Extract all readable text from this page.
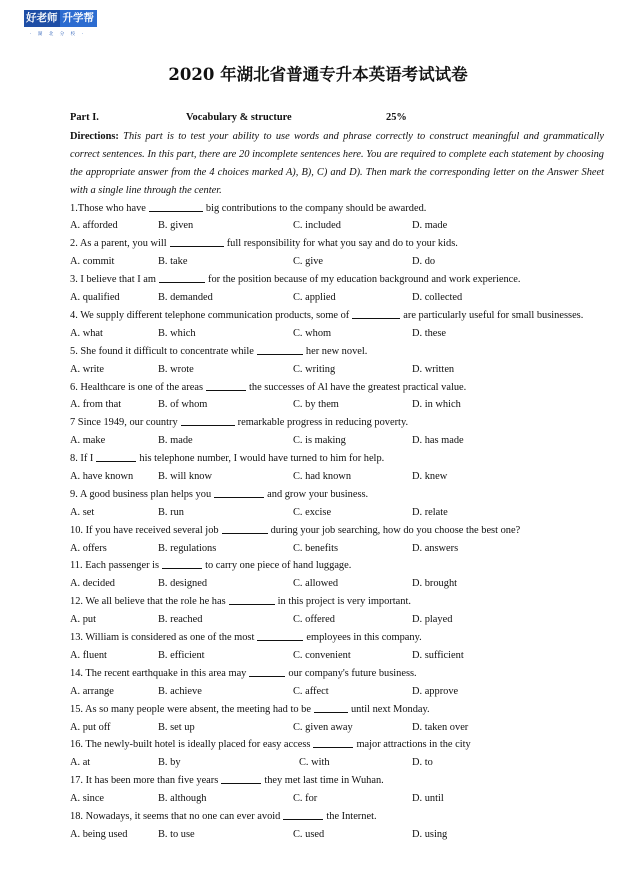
好老师 升学帮
· 湖 北 分 校 ·
2020 年湖北省普通专升本英语考试试卷
Part I.	Vocabulary & structure	25%
Directions: This part is to test your ability to use words and phrase correctly to construct meaningful and grammatically correct sentences. In this part, there are 20 incomplete sentences here. You are required to complete each statement by choosing the appropriate answer from the 4 choices marked A), B), C) and D). Then mark the corresponding letter on the Answer Sheet with a single line through the center.
1.Those who have	big contributions to the company should be awarded.
A. afforded	B. given	C. included	D. made
2. As a parent, you will	full responsibility for what you say and do to your kids.
A. commit	B. take	C. give	D. do
3. I believe that I am	for the position because of my education background and work experience.
A. qualified	B. demanded	C. applied	D. collected
4. We supply different telephone communication products, some of	are particularly useful for small businesses.
A. what	B. which	C. whom	D. these
5. She found it difficult to concentrate while	her new novel.
A. write	B. wrote	C. writing	D. written
6. Healthcare is one of the areas	the successes of Al have the greatest practical value.
A. from that	B. of whom	C. by them	D. in which
7 Since 1949, our country	remarkable progress in reducing poverty.
A. make	B. made	C. is making	D. has made
8. If I	his telephone number, I would have turned to him for help.
A. have known B. will know	C. had known	D. knew
9. A good business plan helps you	and grow your business.
A. set	B. run	C. excise	D. relate
10. If you have received several job	during your job searching, how do you choose the best one?
A. offers	B. regulations	C. benefits	D. answers
11. Each passenger is	to carry one piece of hand luggage.
A. decided	B. designed	C. allowed	D. brought
12. We all believe that the role he has	in this project is very important.
A. put	B. reached	C. offered	D. played
13. William is considered as one of the most	employees in this company.
A. fluent	B. efficient	C. convenient	D. sufficient
14. The recent earthquake in this area may	our company's future business.
A. arrange	B. achieve	C. affect	D. approve
15. As so many people were absent, the meeting had to be	until next Monday.
A. put off	B. set up	C. given away	D. taken over
16. The newly-built hotel is ideally placed for easy access	major attractions in the city
A. at	B. by	C. with	D. to
17. It has been more than five years	they met last time in Wuhan.
A. since	B. although	C. for	D. until
18. Nowadays, it seems that no one can ever avoid	the Internet.
A. being used	B. to use	C. used	D. using
